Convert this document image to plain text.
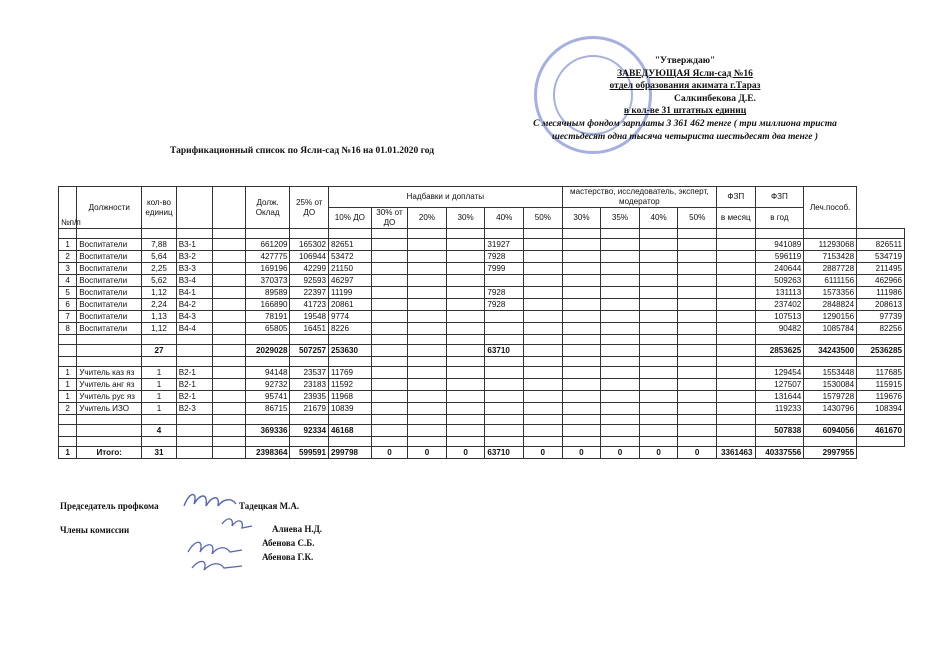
"Утверждаю"
ЗАВЕДУЮЩАЯ Ясли-сад №16
отдел образования акимата г.Тараз
Салкинбекова Д.Е.
в кол-ве 31 штатных единиц
С месячным фондом зарплаты 3 361 462 тенге ( три миллиона триста
шестьдесят одна тысяча четыриста шестьдесят два тенге )
Тарификационный список по Ясли-сад №16 на 01.01.2020 год
№п/п	Должности	кол-во единиц			Долж. Оклад	25% от ДО	Надбавки и доплаты						мастерство, исследователь, эксперт, модератор				ФЗП	ФЗП	Леч.пособ.	
							10% ДО	30% от ДО	20%	30%	40%	50%	30%	35%	40%	50%	в месяц	в год		

1	Воспитатели	7,88	В3-1		661209	165302	82651				31927							941089	11293068	826511
2	Воспитатели	5,64	В3-2		427775	106944	53472				7928							596119	7153428	534719
3	Воспитатели	2,25	В3-3		169196	42299	21150				7999							240644	2887728	211495
4	Воспитатели	5,62	В3-4		370373	92593	46297											509263	6111156	462966
5	Воспитатели	1,12	В4-1		89589	22397	11199				7928							131113	1573356	111986
6	Воспитатели	2,24	В4-2		166890	41723	20861				7928							237402	2848824	208613
7	Воспитатели	1,13	В4-3		78191	19548	9774											107513	1290156	97739
8	Воспитатели	1,12	В4-4		65805	16451	8226											90482	1085784	82256

		27			2029028	507257	253630				63710							2853625	34243500	2536285

1	Учитель каз яз	1	В2-1		94148	23537	11769											129454	1553448	117685
1	Учитель анг яз	1	В2-1		92732	23183	11592											127507	1530084	115915
1	Учитель рус яз	1	В2-1		95741	23935	11968											131644	1579728	119676
2	Учитель ИЗО	1	В2-3		86715	21679	10839											119233	1430796	108394

		4			369336	92334	46168											507838	6094056	461670

1	Итого:	31			2398364	599591	299798	0	0	0	63710	0	0	0	0	0	3361463	40337556	2997955	
Председатель профкома	Тадецкая М.А.
Члены комиссии	Алиева Н.Д.
Абенова С.Б.
Абенова Г.К.
